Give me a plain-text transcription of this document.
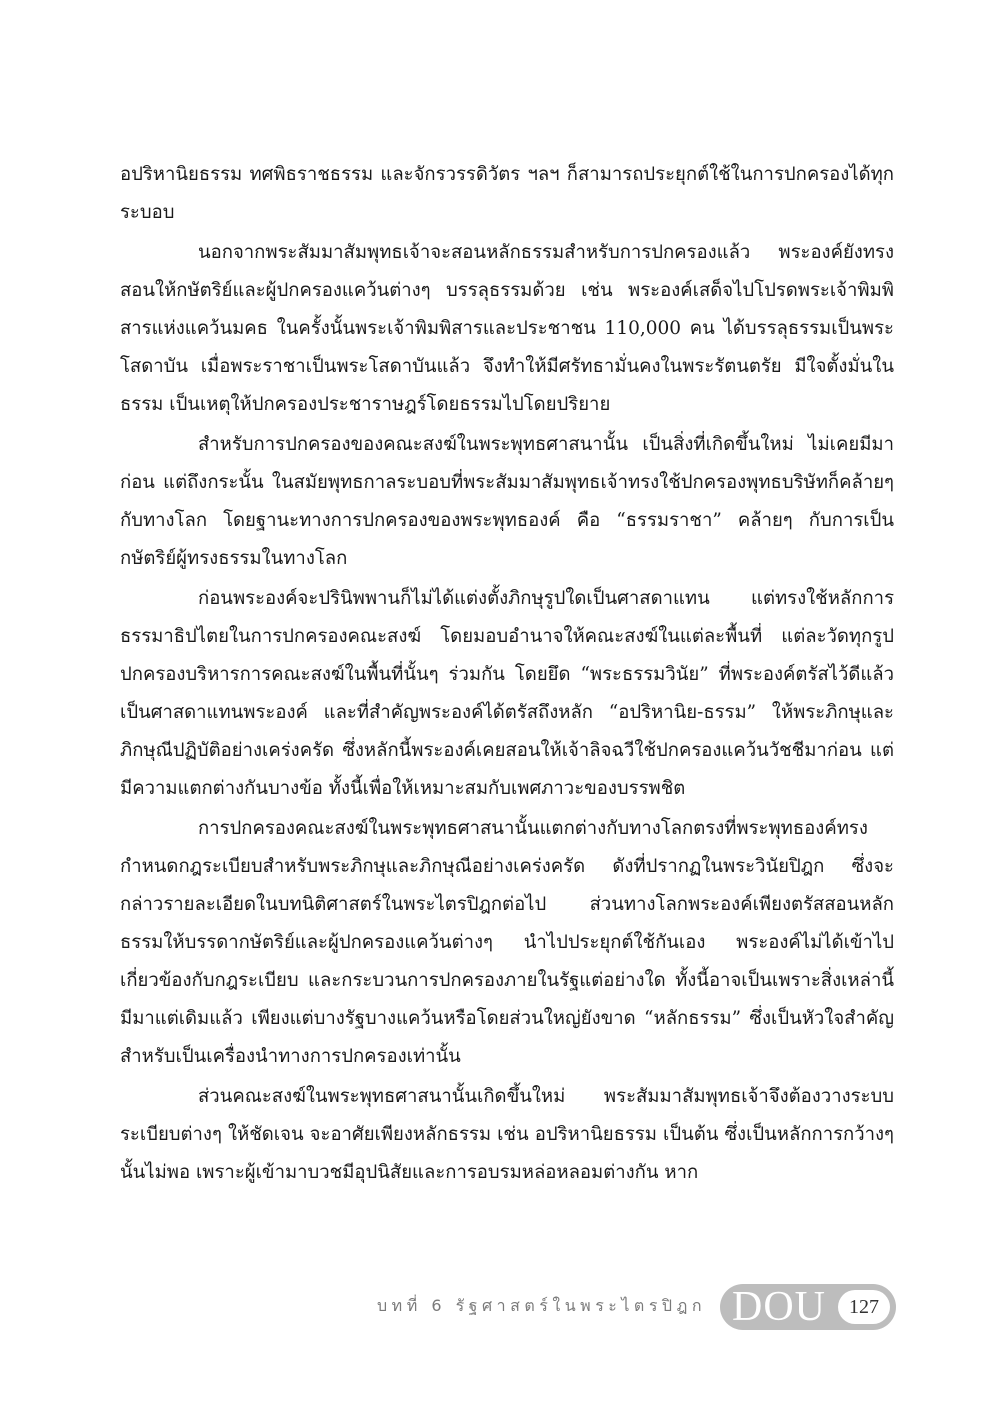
อปริหานิยธรรม ทศพิธราชธรรม และจักรวรรดิวัตร ฯลฯ ก็สามารถประยุกต์ใช้ในการปกครองได้ทุกระบอบ

นอกจากพระสัมมาสัมพุทธเจ้าจะสอนหลักธรรมสำหรับการปกครองแล้ว พระองค์ยังทรงสอนให้กษัตริย์และผู้ปกครองแคว้นต่างๆ บรรลุธรรมด้วย เช่น พระองค์เสด็จไปโปรดพระเจ้าพิมพิสารแห่งแคว้นมคธ ในครั้งนั้นพระเจ้าพิมพิสารและประชาชน 110,000 คน ได้บรรลุธรรมเป็นพระโสดาบัน เมื่อพระราชาเป็นพระโสดาบันแล้ว จึงทำให้มีศรัทธามั่นคงในพระรัตนตรัย มีใจตั้งมั่นในธรรม เป็นเหตุให้ปกครองประชาราษฎร์โดยธรรมไปโดยปริยาย

สำหรับการปกครองของคณะสงฆ์ในพระพุทธศาสนานั้น เป็นสิ่งที่เกิดขึ้นใหม่ ไม่เคยมีมาก่อน แต่ถึงกระนั้น ในสมัยพุทธกาลระบอบที่พระสัมมาสัมพุทธเจ้าทรงใช้ปกครองพุทธบริษัทก็คล้ายๆ กับทางโลก โดยฐานะทางการปกครองของพระพุทธองค์ คือ “ธรรมราชา” คล้ายๆ กับการเป็นกษัตริย์ผู้ทรงธรรมในทางโลก

ก่อนพระองค์จะปรินิพพานก็ไม่ได้แต่งตั้งภิกษุรูปใดเป็นศาสดาแทน แต่ทรงใช้หลักการธรรมาธิปไตยในการปกครองคณะสงฆ์ โดยมอบอำนาจให้คณะสงฆ์ในแต่ละพื้นที่ แต่ละวัดทุกรูปปกครองบริหารการคณะสงฆ์ในพื้นที่นั้นๆ ร่วมกัน โดยยึด “พระธรรมวินัย” ที่พระองค์ตรัสไว้ดีแล้วเป็นศาสดาแทนพระองค์ และที่สำคัญพระองค์ได้ตรัสถึงหลัก “อปริหานิย-ธรรม” ให้พระภิกษุและภิกษุณีปฏิบัติอย่างเคร่งครัด ซึ่งหลักนี้พระองค์เคยสอนให้เจ้าลิจฉวีใช้ปกครองแคว้นวัชชีมาก่อน แต่มีความแตกต่างกันบางข้อ ทั้งนี้เพื่อให้เหมาะสมกับเพศภาวะของบรรพชิต

การปกครองคณะสงฆ์ในพระพุทธศาสนานั้นแตกต่างกับทางโลกตรงที่พระพุทธองค์ทรงกำหนดกฎระเบียบสำหรับพระภิกษุและภิกษุณีอย่างเคร่งครัด ดังที่ปรากฏในพระวินัยปิฎก ซึ่งจะกล่าวรายละเอียดในบทนิติศาสตร์ในพระไตรปิฎกต่อไป ส่วนทางโลกพระองค์เพียงตรัสสอนหลักธรรมให้บรรดากษัตริย์และผู้ปกครองแคว้นต่างๆ นำไปประยุกต์ใช้กันเอง พระองค์ไม่ได้เข้าไปเกี่ยวข้องกับกฎระเบียบ และกระบวนการปกครองภายในรัฐแต่อย่างใด ทั้งนี้อาจเป็นเพราะสิ่งเหล่านี้มีมาแต่เดิมแล้ว เพียงแต่บางรัฐบางแคว้นหรือโดยส่วนใหญ่ยังขาด “หลักธรรม” ซึ่งเป็นหัวใจสำคัญสำหรับเป็นเครื่องนำทางการปกครองเท่านั้น

ส่วนคณะสงฆ์ในพระพุทธศาสนานั้นเกิดขึ้นใหม่ พระสัมมาสัมพุทธเจ้าจึงต้องวางระบบระเบียบต่างๆ ให้ชัดเจน จะอาศัยเพียงหลักธรรม เช่น อปริหานิยธรรม เป็นต้น ซึ่งเป็นหลักการกว้างๆ นั้นไม่พอ เพราะผู้เข้ามาบวชมีอุปนิสัยและการอบรมหล่อหลอมต่างกัน หาก

บทที่ 6 รัฐศาสตร์ในพระไตรปิฎก DOU	127
